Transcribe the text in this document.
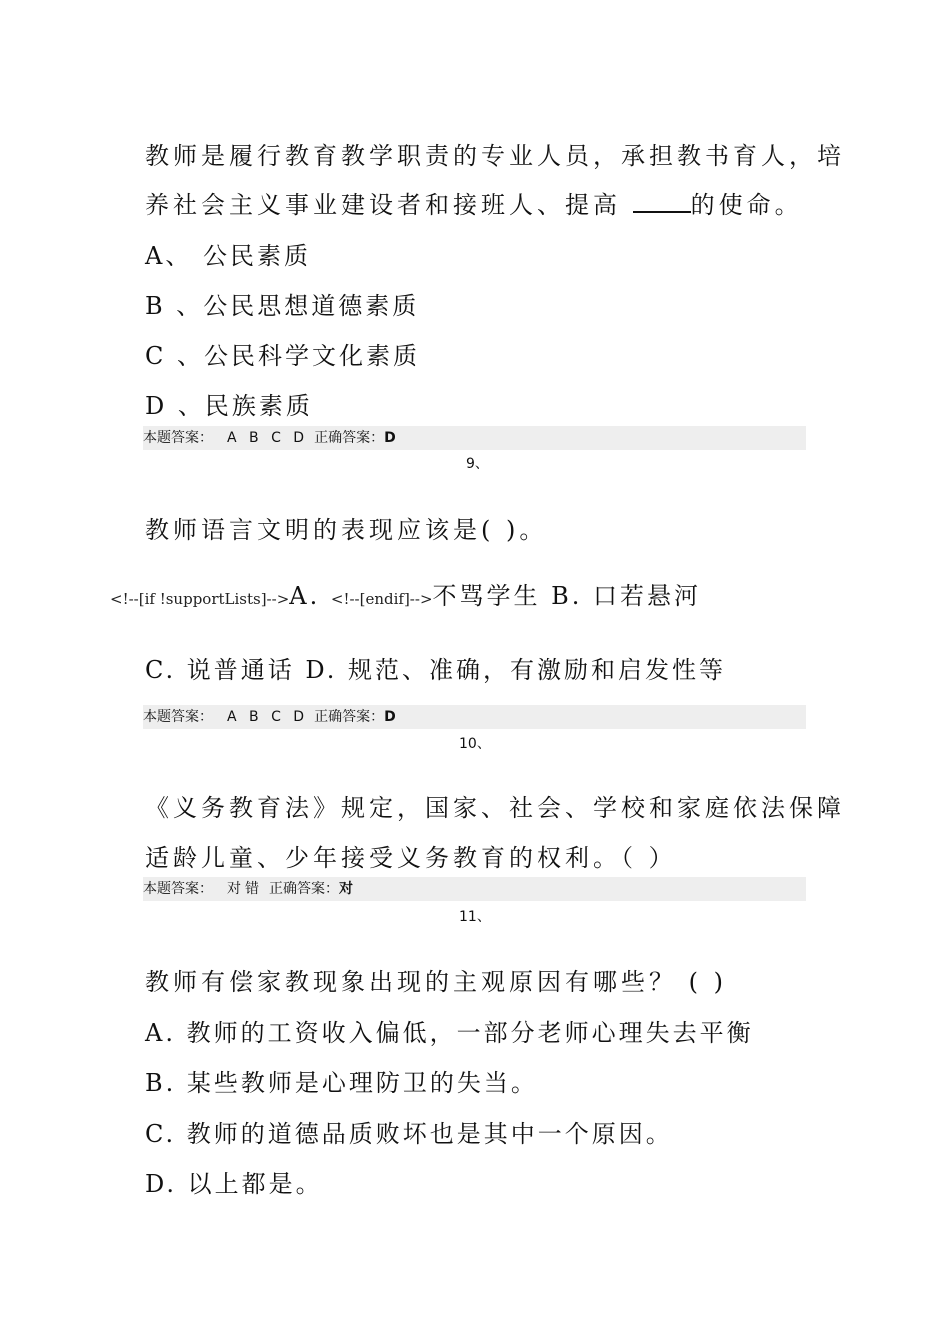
教师是履行教育教学职责的专业人员，承担教书育人，培
养社会主义事业建设者和接班人、提高 的使命。
A、 公民素质
B 、公民思想道德素质
C 、公民科学文化素质
D 、民族素质
本题答案： A B C D 正确答案：D
9、
教师语言文明的表现应该是( )。
<!--[if !supportLists]-->A. <!--[endif]-->不骂学生 B. 口若悬河
C. 说普通话 D. 规范、准确，有激励和启发性等
本题答案： A B C D 正确答案：D
10、
《义务教育法》规定，国家、社会、学校和家庭依法保障
适龄儿童、少年接受义务教育的权利。（ ）
本题答案： 对错 正确答案：对
11、
教师有偿家教现象出现的主观原因有哪些？ ( )
A. 教师的工资收入偏低，一部分老师心理失去平衡
B. 某些教师是心理防卫的失当。
C. 教师的道德品质败坏也是其中一个原因。
D. 以上都是。
